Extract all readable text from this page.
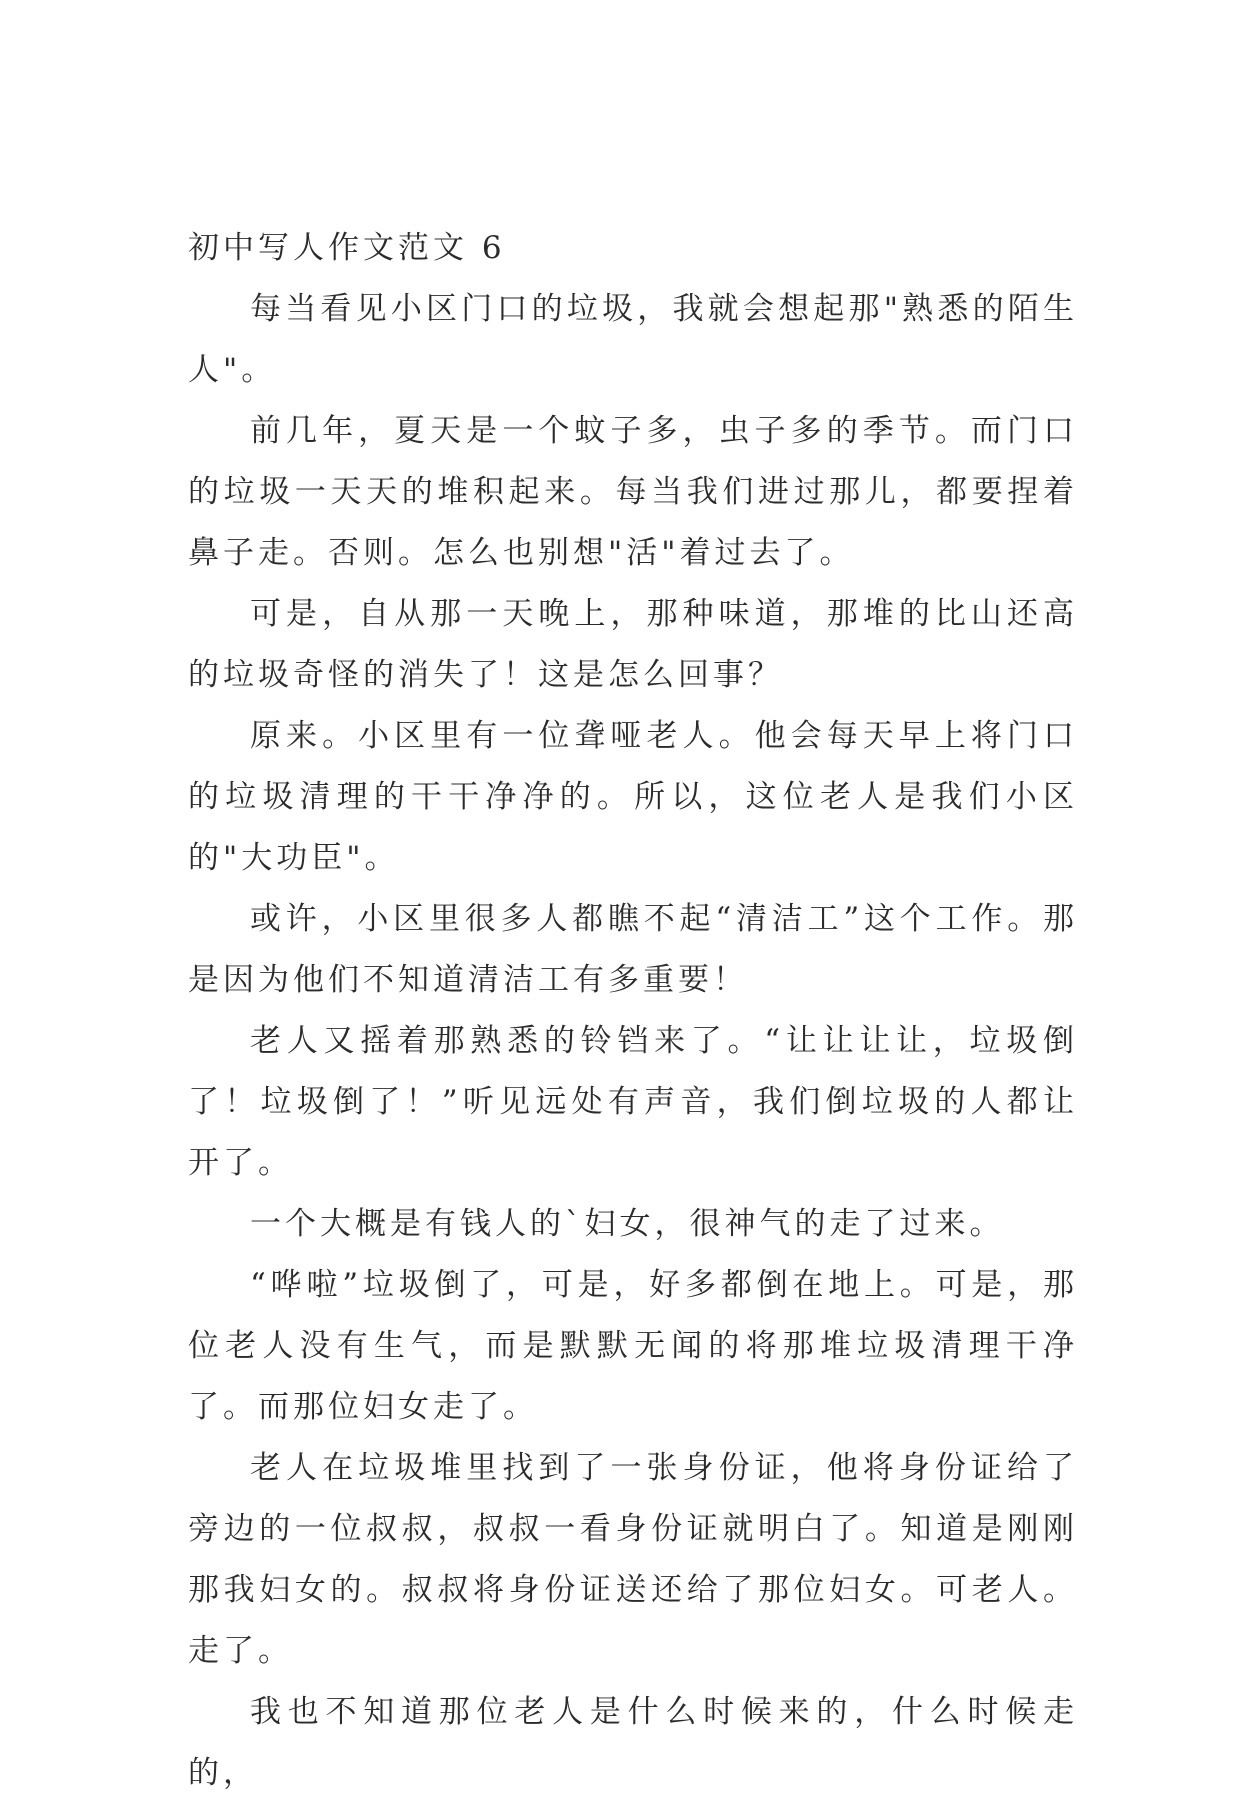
初中写人作文范文 6

每当看见小区门口的垃圾，我就会想起那"熟悉的陌生人"。

前几年，夏天是一个蚊子多，虫子多的季节。而门口的垃圾一天天的堆积起来。每当我们进过那儿，都要捏着鼻子走。否则。怎么也别想"活"着过去了。

可是，自从那一天晚上，那种味道，那堆的比山还高的垃圾奇怪的消失了！这是怎么回事？

原来。小区里有一位聋哑老人。他会每天早上将门口的垃圾清理的干干净净的。所以，这位老人是我们小区的"大功臣"。

或许，小区里很多人都瞧不起“清洁工”这个工作。那是因为他们不知道清洁工有多重要！

老人又摇着那熟悉的铃铛来了。“让让让让，垃圾倒了！垃圾倒了！”听见远处有声音，我们倒垃圾的人都让开了。

一个大概是有钱人的`妇女，很神气的走了过来。

“哗啦”垃圾倒了，可是，好多都倒在地上。可是，那位老人没有生气，而是默默无闻的将那堆垃圾清理干净了。而那位妇女走了。

老人在垃圾堆里找到了一张身份证，他将身份证给了旁边的一位叔叔，叔叔一看身份证就明白了。知道是刚刚那我妇女的。叔叔将身份证送还给了那位妇女。可老人。走了。

我也不知道那位老人是什么时候来的，什么时候走的，
